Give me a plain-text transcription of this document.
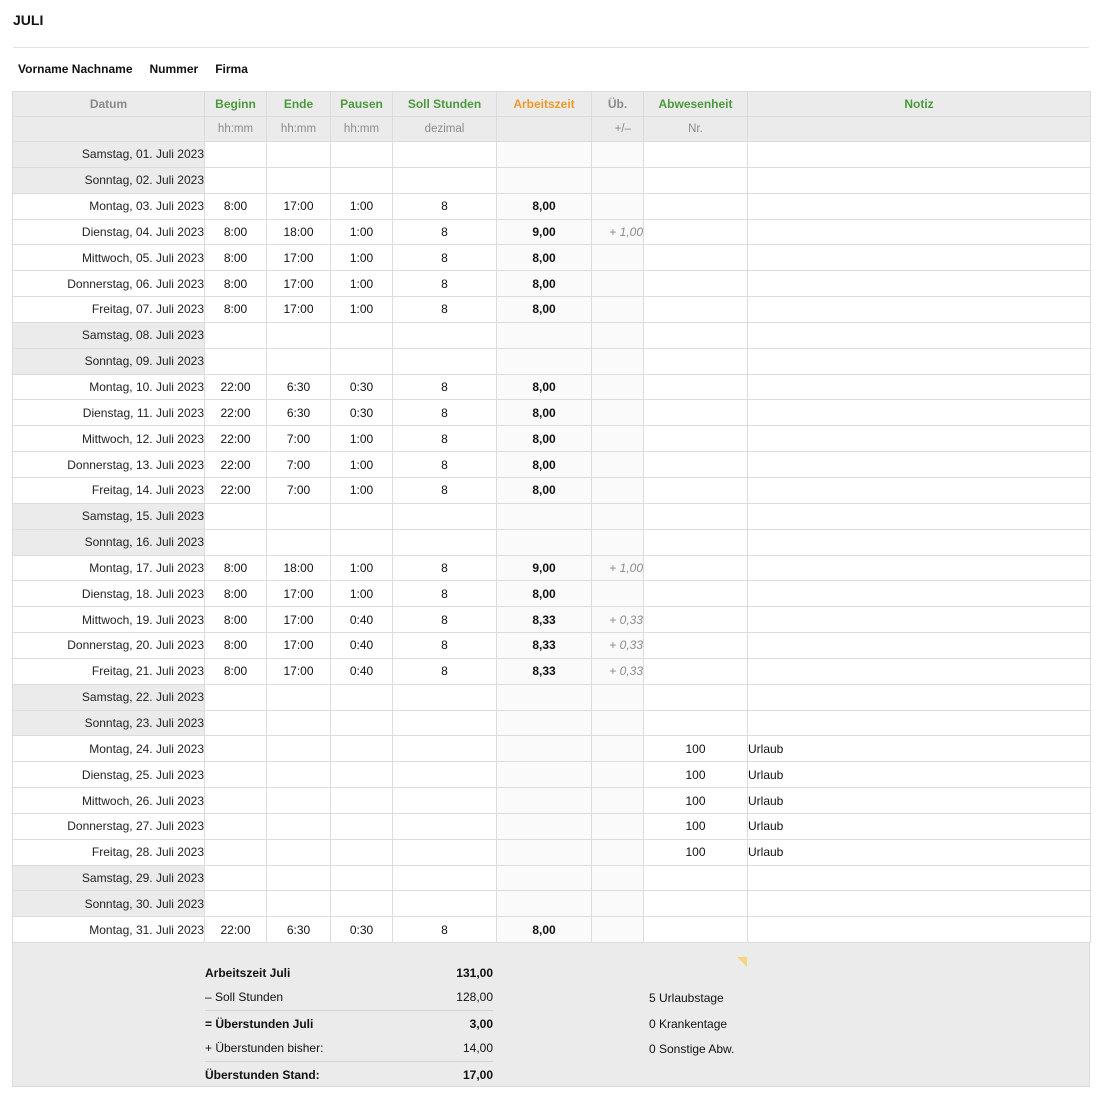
JULI
Vorname Nachname Nummer Firma
Datum	Beginn	Ende	Pausen	Soll Stunden	Arbeitszeit	Üb.	Abwesenheit	Notiz
	hh:mm	hh:mm	hh:mm	dezimal		+/–	Nr.	
Samstag, 01. Juli 2023								
Sonntag, 02. Juli 2023								
Montag, 03. Juli 2023	8:00	17:00	1:00	8	8,00			
Dienstag, 04. Juli 2023	8:00	18:00	1:00	8	9,00	+ 1,00		
Mittwoch, 05. Juli 2023	8:00	17:00	1:00	8	8,00			
Donnerstag, 06. Juli 2023	8:00	17:00	1:00	8	8,00			
Freitag, 07. Juli 2023	8:00	17:00	1:00	8	8,00			
Samstag, 08. Juli 2023								
Sonntag, 09. Juli 2023								
Montag, 10. Juli 2023	22:00	6:30	0:30	8	8,00			
Dienstag, 11. Juli 2023	22:00	6:30	0:30	8	8,00			
Mittwoch, 12. Juli 2023	22:00	7:00	1:00	8	8,00			
Donnerstag, 13. Juli 2023	22:00	7:00	1:00	8	8,00			
Freitag, 14. Juli 2023	22:00	7:00	1:00	8	8,00			
Samstag, 15. Juli 2023								
Sonntag, 16. Juli 2023								
Montag, 17. Juli 2023	8:00	18:00	1:00	8	9,00	+ 1,00		
Dienstag, 18. Juli 2023	8:00	17:00	1:00	8	8,00			
Mittwoch, 19. Juli 2023	8:00	17:00	0:40	8	8,33	+ 0,33		
Donnerstag, 20. Juli 2023	8:00	17:00	0:40	8	8,33	+ 0,33		
Freitag, 21. Juli 2023	8:00	17:00	0:40	8	8,33	+ 0,33		
Samstag, 22. Juli 2023								
Sonntag, 23. Juli 2023								
Montag, 24. Juli 2023							100	Urlaub
Dienstag, 25. Juli 2023							100	Urlaub
Mittwoch, 26. Juli 2023							100	Urlaub
Donnerstag, 27. Juli 2023							100	Urlaub
Freitag, 28. Juli 2023							100	Urlaub
Samstag, 29. Juli 2023								
Sonntag, 30. Juli 2023								
Montag, 31. Juli 2023	22:00	6:30	0:30	8	8,00			
Arbeitszeit Juli	131,00
– Soll Stunden	128,00
= Überstunden Juli	3,00
+ Überstunden bisher:	14,00
Überstunden Stand:	17,00
5 Urlaubstage
0 Krankentage
0 Sonstige Abw.
